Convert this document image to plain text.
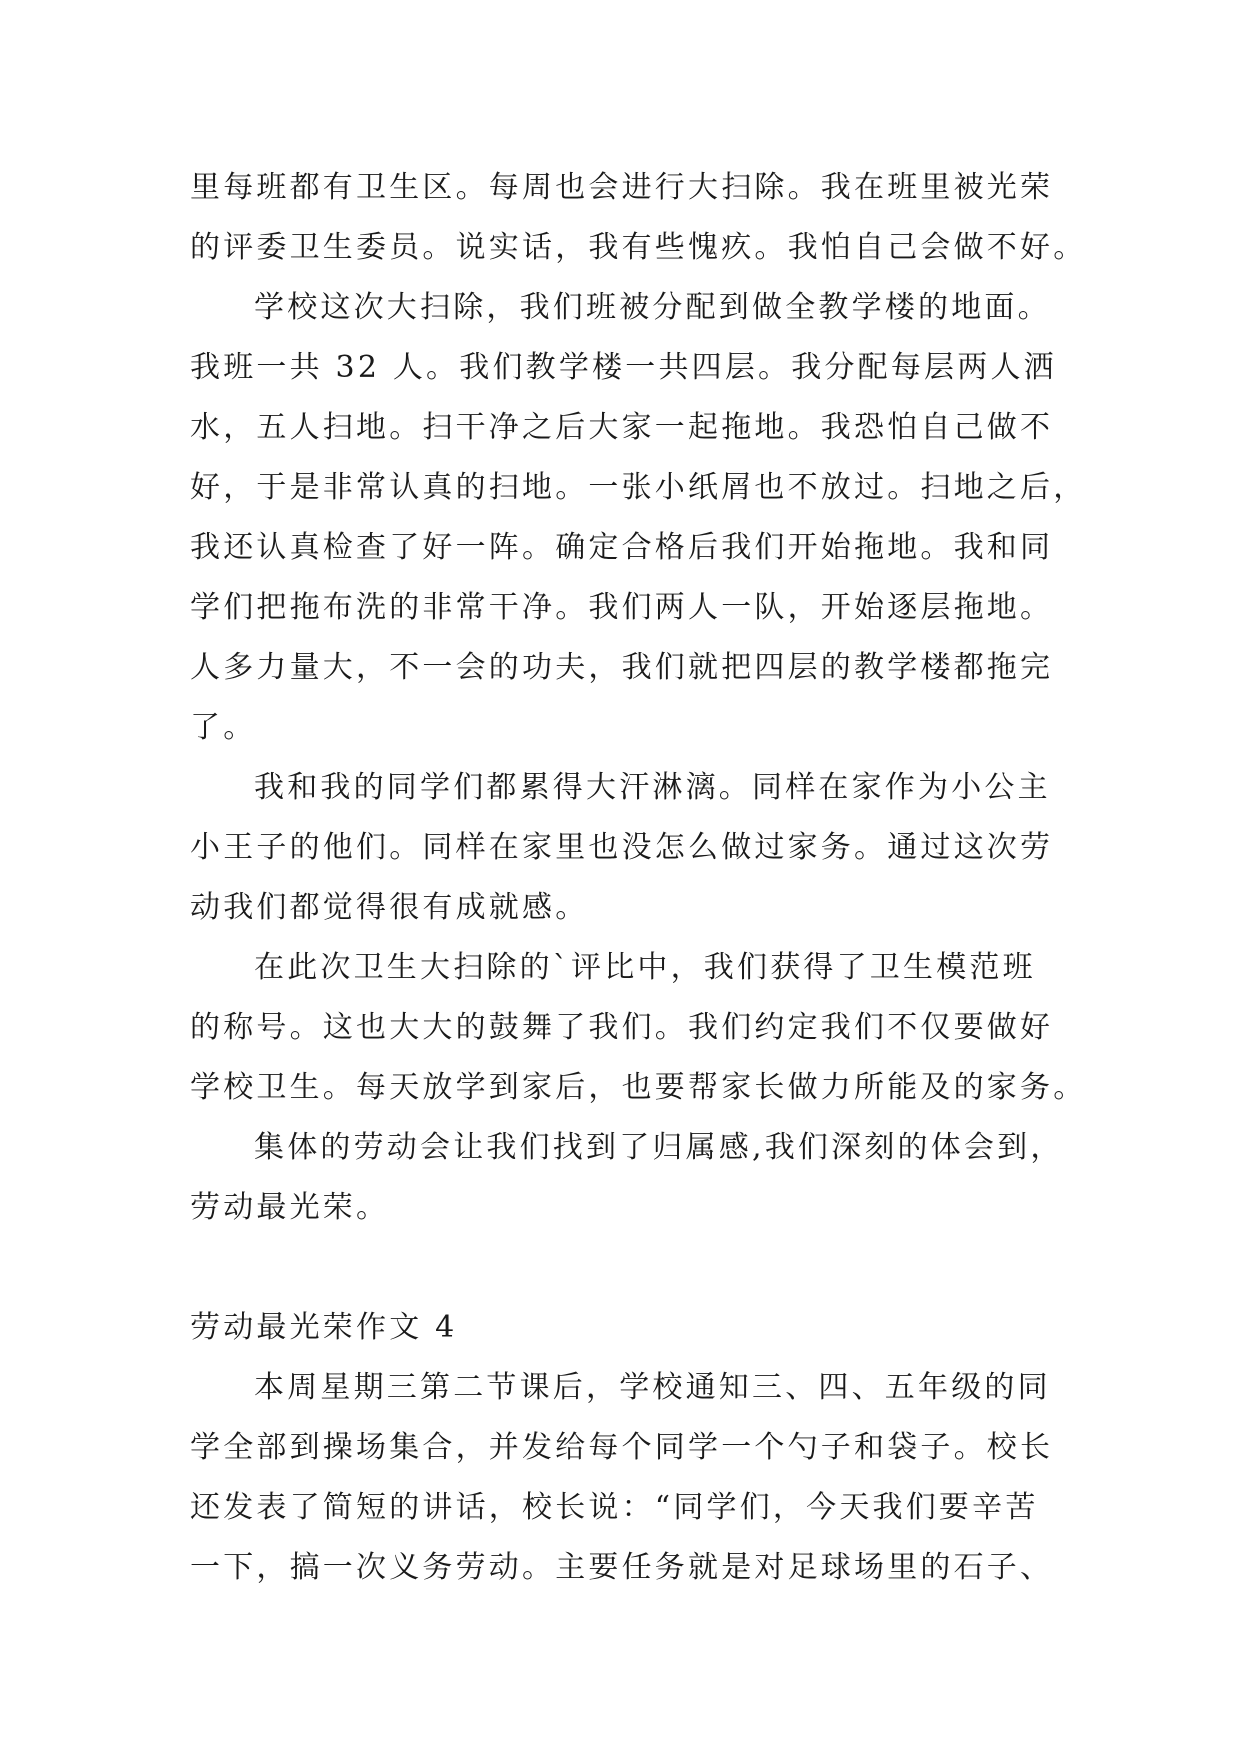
里每班都有卫生区。每周也会进行大扫除。我在班里被光荣
的评委卫生委员。说实话，我有些愧疚。我怕自己会做不好。
学校这次大扫除，我们班被分配到做全教学楼的地面。
我班一共 32 人。我们教学楼一共四层。我分配每层两人洒
水，五人扫地。扫干净之后大家一起拖地。我恐怕自己做不
好，于是非常认真的扫地。一张小纸屑也不放过。扫地之后，
我还认真检查了好一阵。确定合格后我们开始拖地。我和同
学们把拖布洗的非常干净。我们两人一队，开始逐层拖地。
人多力量大，不一会的功夫，我们就把四层的教学楼都拖完
了。
我和我的同学们都累得大汗淋漓。同样在家作为小公主
小王子的他们。同样在家里也没怎么做过家务。通过这次劳
动我们都觉得很有成就感。
在此次卫生大扫除的`评比中，我们获得了卫生模范班
的称号。这也大大的鼓舞了我们。我们约定我们不仅要做好
学校卫生。每天放学到家后，也要帮家长做力所能及的家务。
集体的劳动会让我们找到了归属感,我们深刻的体会到，
劳动最光荣。
劳动最光荣作文 4
本周星期三第二节课后，学校通知三、四、五年级的同
学全部到操场集合，并发给每个同学一个勺子和袋子。校长
还发表了简短的讲话，校长说：“同学们，今天我们要辛苦
一下，搞一次义务劳动。主要任务就是对足球场里的石子、
